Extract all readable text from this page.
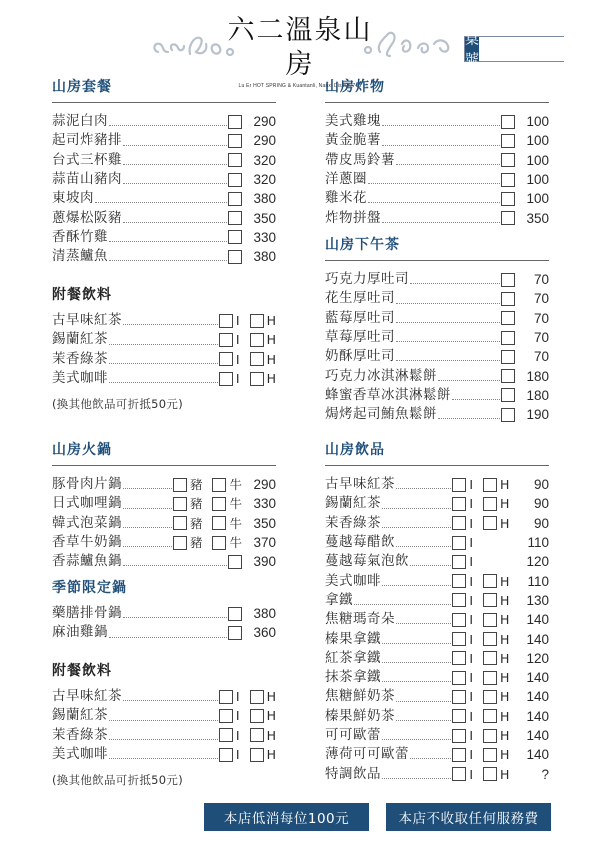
六二溫泉山房
Lu Er HOT SPRING & Kuantanli, Nanxi District 715
桌號
山房套餐
蒜泥白肉	290
起司炸豬排	290
台式三杯雞	320
蒜苗山豬肉	320
東坡肉	380
蔥爆松阪豬	350
香酥竹雞	330
清蒸鱸魚	380
附餐飲料
古早味紅茶	I H
錫蘭紅茶	I H
茉香綠茶	I H
美式咖啡	I H
(換其他飲品可折抵50元)
山房火鍋
豚骨肉片鍋	豬 牛 290
日式咖哩鍋	豬 牛 330
韓式泡菜鍋	豬 牛 350
香草牛奶鍋	豬 牛 370
香蒜鱸魚鍋	390
季節限定鍋
藥膳排骨鍋	380
麻油雞鍋	360
附餐飲料
古早味紅茶	I H
錫蘭紅茶	I H
茉香綠茶	I H
美式咖啡	I H
(換其他飲品可折抵50元)
山房炸物
美式雞塊	100
黃金脆薯	100
帶皮馬鈴薯	100
洋蔥圈	100
雞米花	100
炸物拼盤	350
山房下午茶
巧克力厚吐司	70
花生厚吐司	70
藍莓厚吐司	70
草莓厚吐司	70
奶酥厚吐司	70
巧克力冰淇淋鬆餅	180
蜂蜜香草冰淇淋鬆餅	180
焗烤起司鮪魚鬆餅	190
山房飲品
古早味紅茶	I H	90
錫蘭紅茶	I H	90
茉香綠茶	I H	90
蔓越莓醋飲	I	110
蔓越莓氣泡飲	I	120
美式咖啡	I H	110
拿鐵	I H	130
焦糖瑪奇朵	I H	140
榛果拿鐵	I H	140
紅茶拿鐵	I H	120
抹茶拿鐵	I H	140
焦糖鮮奶茶	I H	140
榛果鮮奶茶	I H	140
可可歐蕾	I H	140
薄荷可可歐蕾	I H	140
特調飲品	I H	?
本店低消每位100元	本店不收取任何服務費
